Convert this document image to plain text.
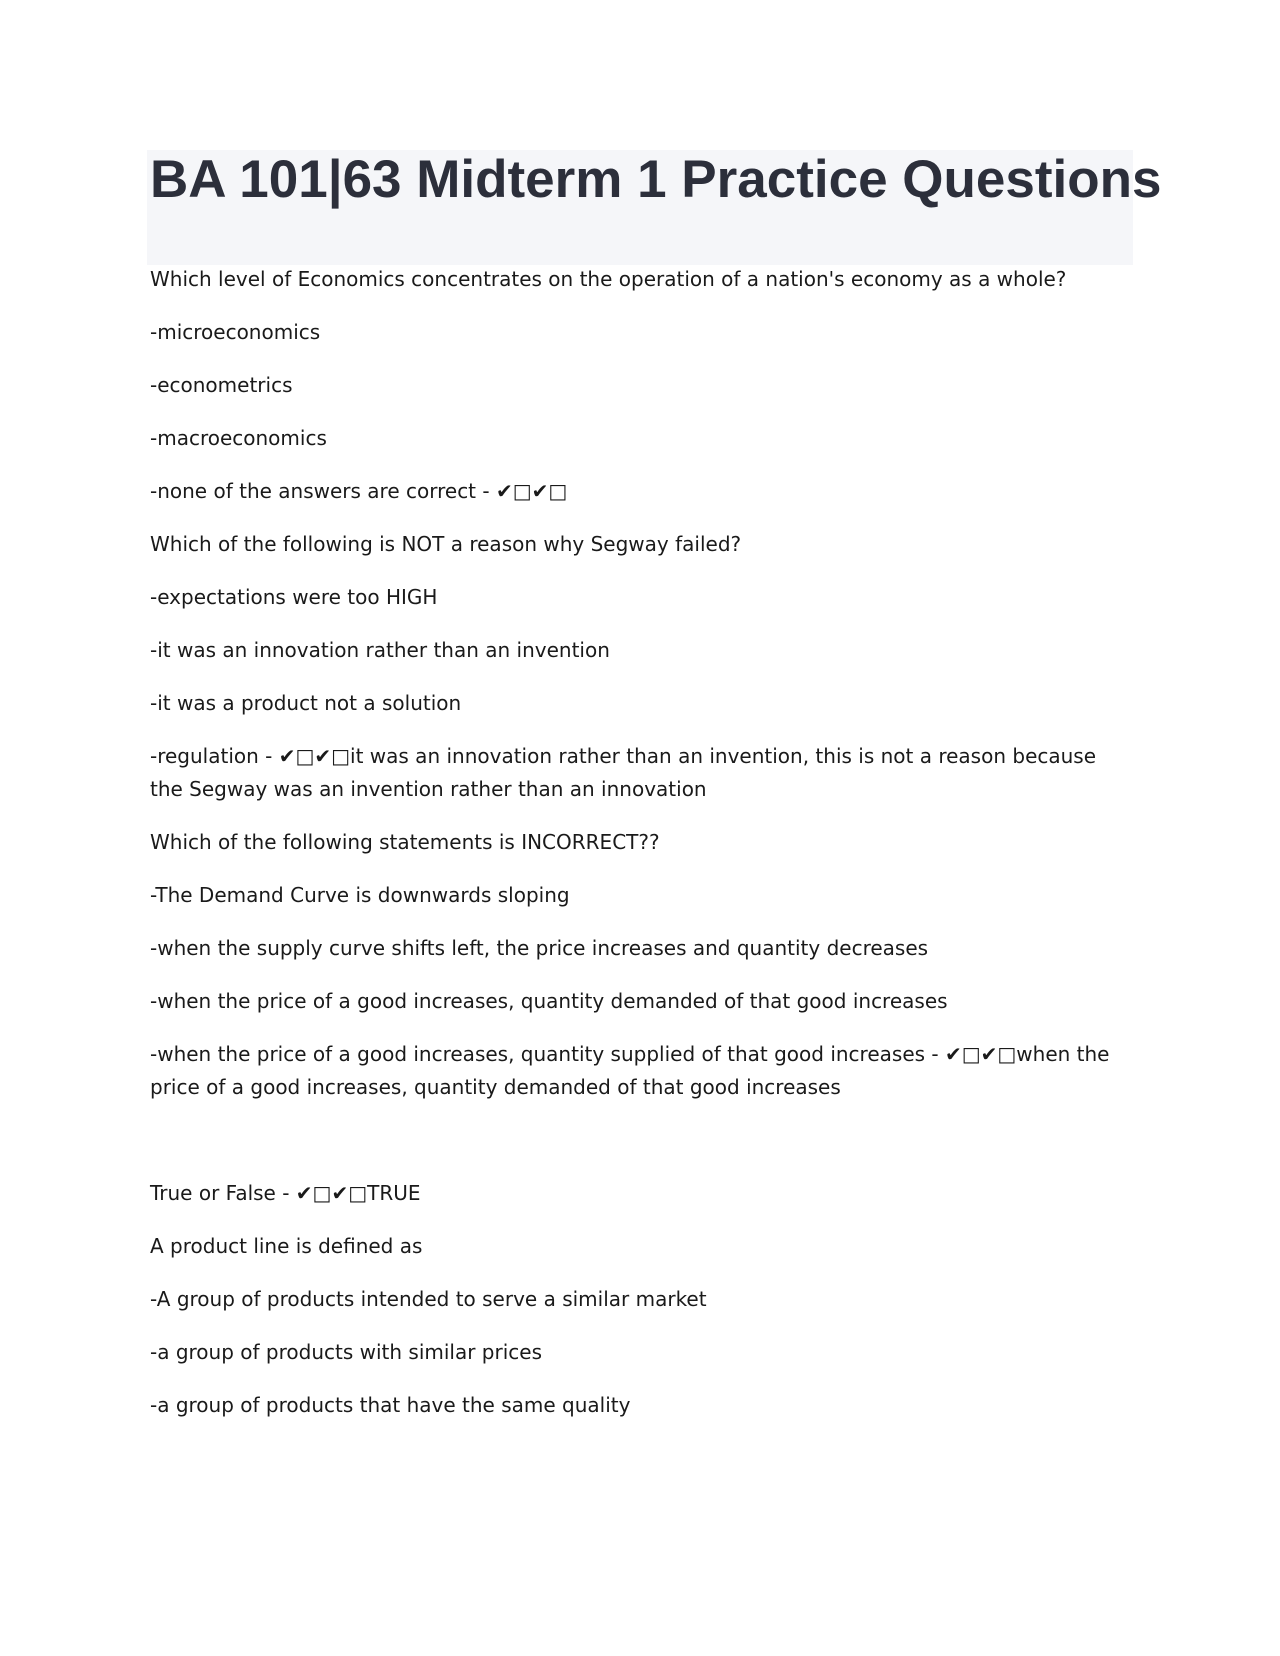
BA 101|63 Midterm 1 Practice Questions

Which level of Economics concentrates on the operation of a nation's economy as a whole?

-microeconomics

-econometrics

-macroeconomics

-none of the answers are correct - ✔□✔□

Which of the following is NOT a reason why Segway failed?

-expectations were too HIGH

-it was an innovation rather than an invention

-it was a product not a solution

-regulation - ✔□✔□it was an innovation rather than an invention, this is not a reason because the Segway was an invention rather than an innovation

Which of the following statements is INCORRECT??

-The Demand Curve is downwards sloping

-when the supply curve shifts left, the price increases and quantity decreases

-when the price of a good increases, quantity demanded of that good increases

-when the price of a good increases, quantity supplied of that good increases - ✔□✔□when the price of a good increases, quantity demanded of that good increases

True or False - ✔□✔□TRUE

A product line is defined as

-A group of products intended to serve a similar market

-a group of products with similar prices

-a group of products that have the same quality
